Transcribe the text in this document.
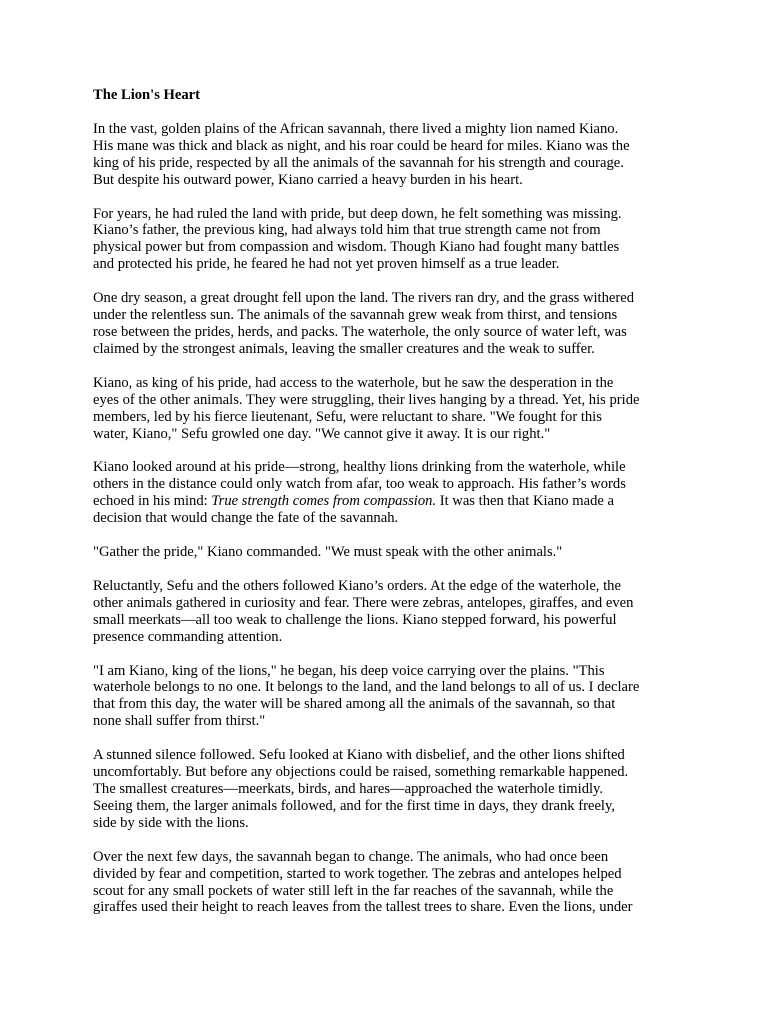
The Lion's Heart
In the vast, golden plains of the African savannah, there lived a mighty lion named Kiano.
His mane was thick and black as night, and his roar could be heard for miles. Kiano was the
king of his pride, respected by all the animals of the savannah for his strength and courage.
But despite his outward power, Kiano carried a heavy burden in his heart.
For years, he had ruled the land with pride, but deep down, he felt something was missing.
Kiano’s father, the previous king, had always told him that true strength came not from
physical power but from compassion and wisdom. Though Kiano had fought many battles
and protected his pride, he feared he had not yet proven himself as a true leader.
One dry season, a great drought fell upon the land. The rivers ran dry, and the grass withered
under the relentless sun. The animals of the savannah grew weak from thirst, and tensions
rose between the prides, herds, and packs. The waterhole, the only source of water left, was
claimed by the strongest animals, leaving the smaller creatures and the weak to suffer.
Kiano, as king of his pride, had access to the waterhole, but he saw the desperation in the
eyes of the other animals. They were struggling, their lives hanging by a thread. Yet, his pride
members, led by his fierce lieutenant, Sefu, were reluctant to share. "We fought for this
water, Kiano," Sefu growled one day. "We cannot give it away. It is our right."
Kiano looked around at his pride—strong, healthy lions drinking from the waterhole, while
others in the distance could only watch from afar, too weak to approach. His father’s words
echoed in his mind: True strength comes from compassion. It was then that Kiano made a
decision that would change the fate of the savannah.
"Gather the pride," Kiano commanded. "We must speak with the other animals."
Reluctantly, Sefu and the others followed Kiano’s orders. At the edge of the waterhole, the
other animals gathered in curiosity and fear. There were zebras, antelopes, giraffes, and even
small meerkats—all too weak to challenge the lions. Kiano stepped forward, his powerful
presence commanding attention.
"I am Kiano, king of the lions," he began, his deep voice carrying over the plains. "This
waterhole belongs to no one. It belongs to the land, and the land belongs to all of us. I declare
that from this day, the water will be shared among all the animals of the savannah, so that
none shall suffer from thirst."
A stunned silence followed. Sefu looked at Kiano with disbelief, and the other lions shifted
uncomfortably. But before any objections could be raised, something remarkable happened.
The smallest creatures—meerkats, birds, and hares—approached the waterhole timidly.
Seeing them, the larger animals followed, and for the first time in days, they drank freely,
side by side with the lions.
Over the next few days, the savannah began to change. The animals, who had once been
divided by fear and competition, started to work together. The zebras and antelopes helped
scout for any small pockets of water still left in the far reaches of the savannah, while the
giraffes used their height to reach leaves from the tallest trees to share. Even the lions, under
